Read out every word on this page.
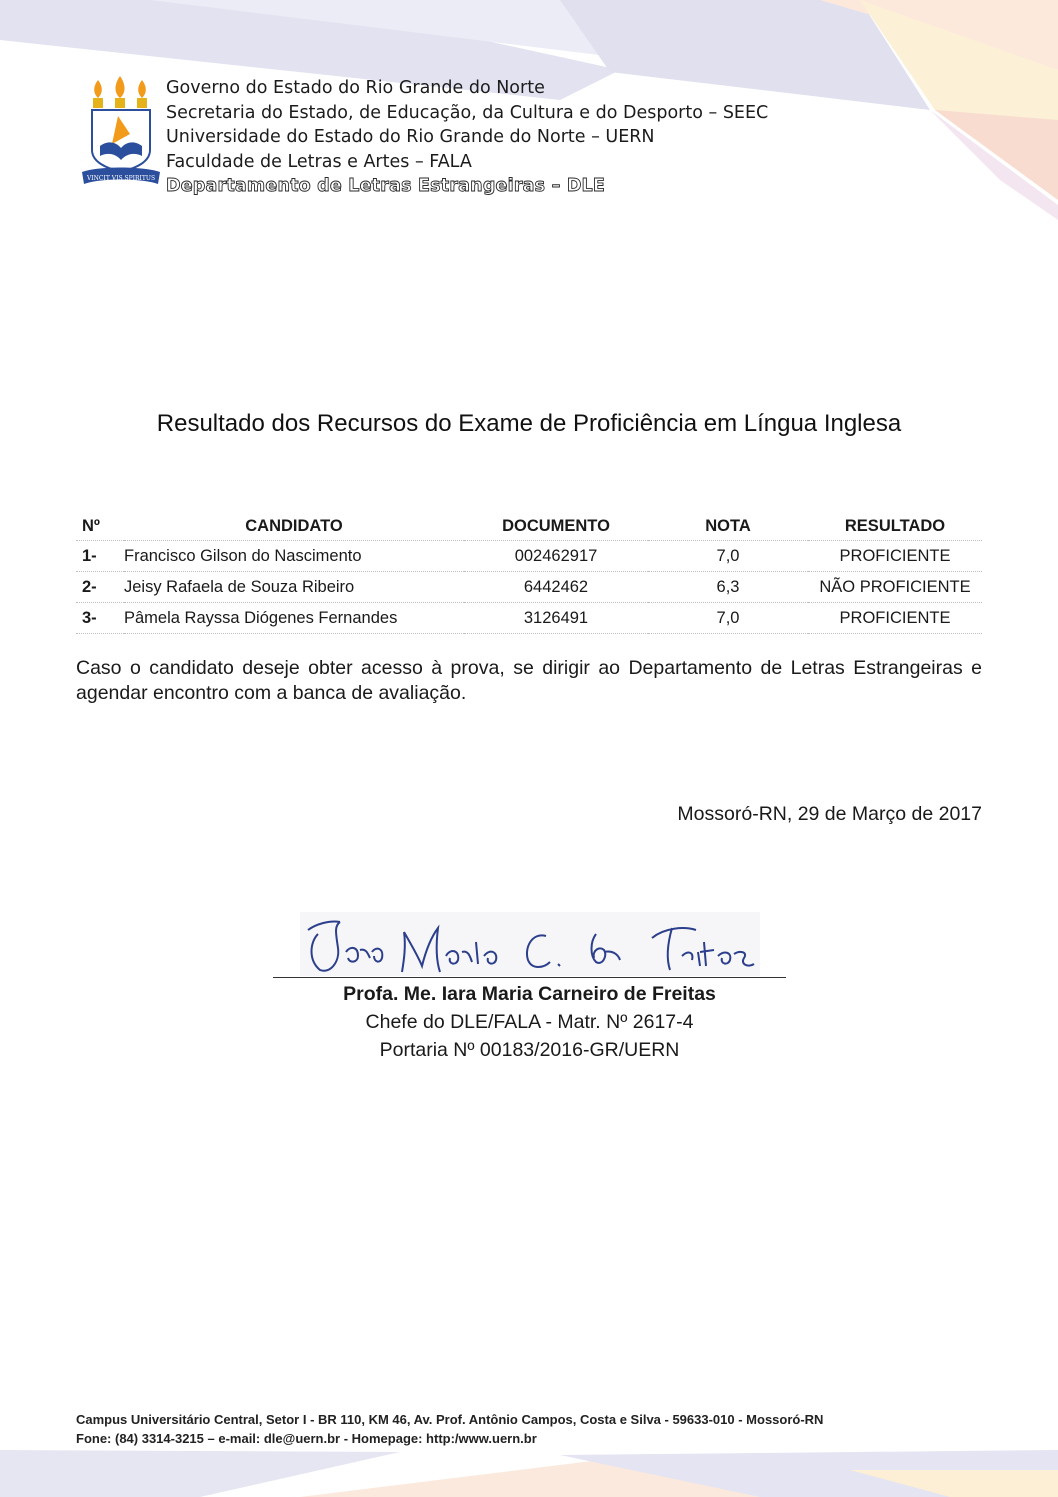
VINCIT VIS SPIRITUS
Governo do Estado do Rio Grande do Norte
Secretaria do Estado, de Educação, da Cultura e do Desporto – SEEC
Universidade do Estado do Rio Grande do Norte – UERN
Faculdade de Letras e Artes – FALA
Departamento de Letras Estrangeiras – DLE
Resultado dos Recursos do Exame de Proficiência em Língua Inglesa
Nº	CANDIDATO	DOCUMENTO	NOTA	RESULTADO
1-	Francisco Gilson do Nascimento	002462917	7,0	PROFICIENTE
2-	Jeisy Rafaela de Souza Ribeiro	6442462	6,3	NÃO PROFICIENTE
3-	Pâmela Rayssa Diógenes Fernandes	3126491	7,0	PROFICIENTE
Caso o candidato deseje obter acesso à prova, se dirigir ao Departamento de Letras Estrangeiras e agendar encontro com a banca de avaliação.
Mossoró-RN, 29 de Março de 2017
Profa. Me. Iara Maria Carneiro de Freitas
Chefe do DLE/FALA - Matr. Nº 2617-4
Portaria Nº 00183/2016-GR/UERN
Campus Universitário Central, Setor I - BR 110, KM 46, Av. Prof. Antônio Campos, Costa e Silva - 59633-010 - Mossoró-RN
Fone: (84) 3314-3215 – e-mail: dle@uern.br - Homepage: http:/www.uern.br
